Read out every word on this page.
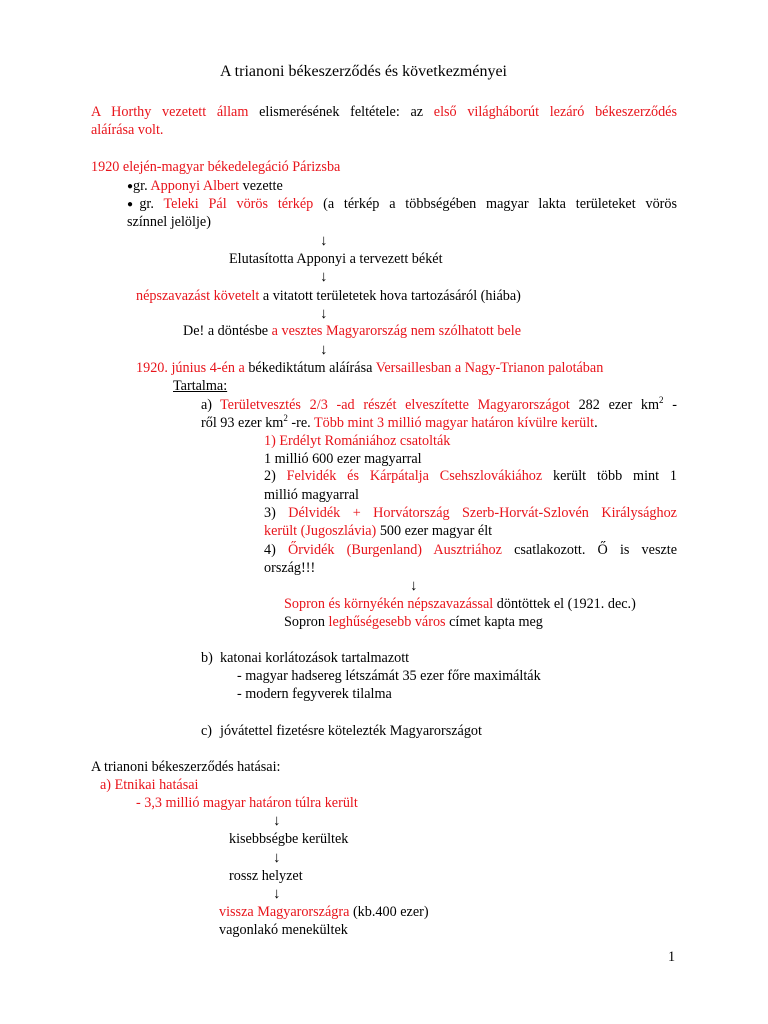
A trianoni békeszerződés és következményei
A Horthy vezetett állam elismerésének feltétele: az első világháborút lezáró békeszerződés
aláírása volt.
1920 elején-magyar békedelegáció Párizsba
●gr. Apponyi Albert vezette
●gr. Teleki Pál vörös térkép (a térkép a többségében magyar lakta területeket vörös
színnel jelölje)
↓
Elutasította Apponyi a tervezett békét
↓
népszavazást követelt a vitatott területetek hova tartozásáról (hiába)
↓
De! a döntésbe a vesztes Magyarország nem szólhatott bele
↓
1920. június 4-én a békediktátum aláírása Versaillesban a Nagy-Trianon palotában
Tartalma:
a) Területvesztés 2/3 -ad részét elveszítette Magyarországot 282 ezer $km^2$ -
ről 93 ezer $km^2$ -re. Több mint 3 millió magyar határon kívülre került.
1) Erdélyt Romániához csatolták
1 millió 600 ezer magyarral
2) Felvidék és Kárpátalja Csehszlovákiához került több mint 1
millió magyarral
3) Délvidék + Horvátország Szerb-Horvát-Szlovén Királysághoz
került (Jugoszlávia) 500 ezer magyar élt
4) Őrvidék (Burgenland) Ausztriához csatlakozott. Ő is veszte
ország!!!
↓
Sopron és környékén népszavazással döntöttek el (1921. dec.)
Sopron leghűségesebb város címet kapta meg
b) katonai korlátozások tartalmazott
- magyar hadsereg létszámát 35 ezer főre maximálták
- modern fegyverek tilalma
c) jóvátettel fizetésre kötelezték Magyarországot
A trianoni békeszerződés hatásai:
a) Etnikai hatásai
- 3,3 millió magyar határon túlra került
↓
kisebbségbe kerültek
↓
rossz helyzet
↓
vissza Magyarországra (kb.400 ezer)
vagonlakó menekültek
1
